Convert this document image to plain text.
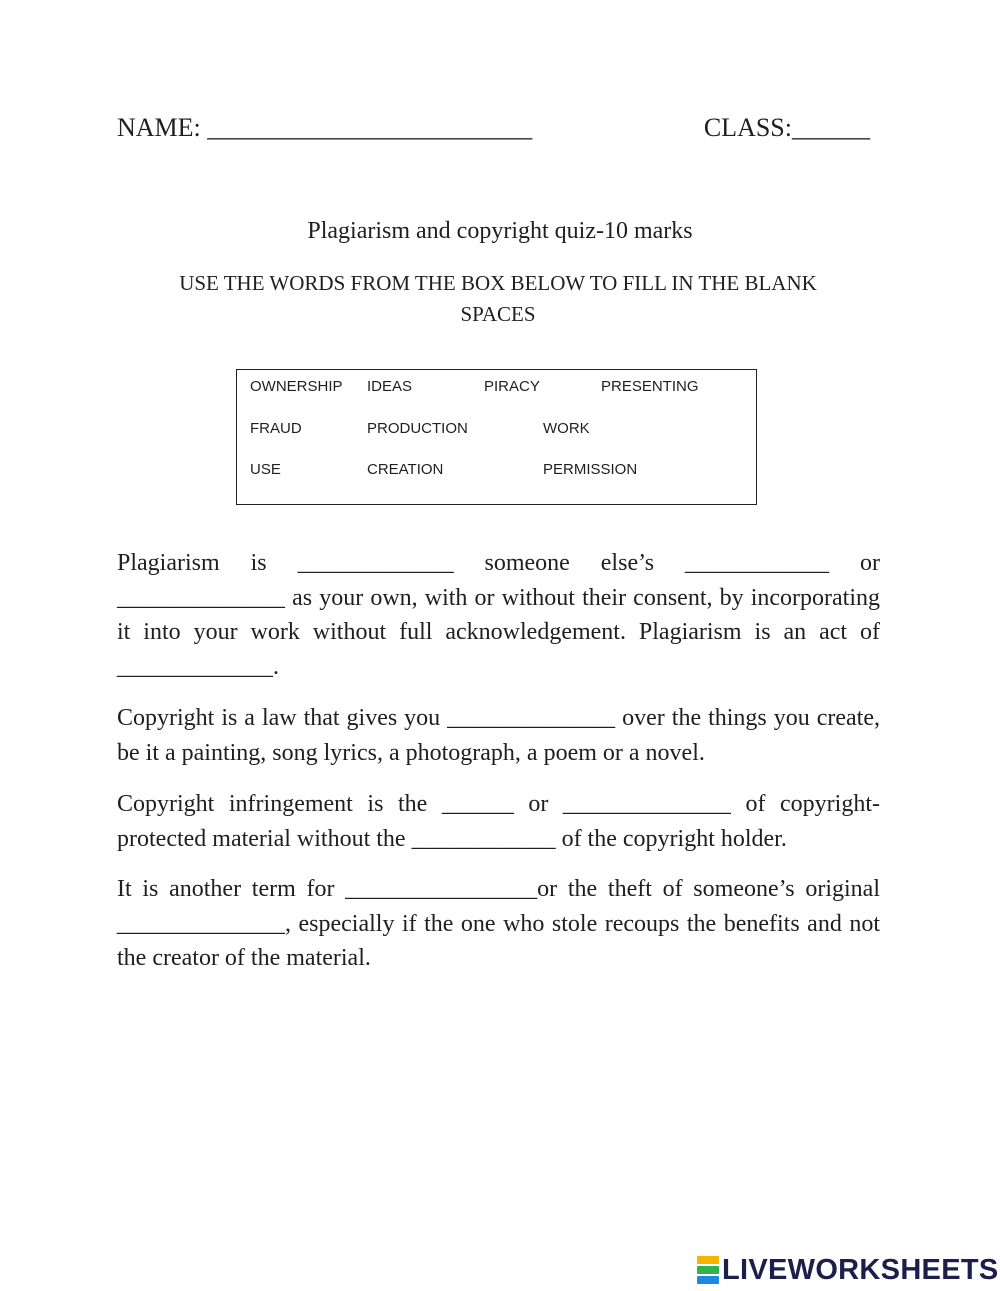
NAME: _________________________	CLASS:______
Plagiarism and copyright quiz-10 marks
USE THE WORDS FROM THE BOX BELOW TO FILL IN THE BLANK SPACES
OWNERSHIP IDEAS	PIRACY	PRESENTING
FRAUD	PRODUCTION	WORK
USE	CREATION	PERMISSION

Plagiarism is _____________ someone else’s ____________ or ______________ as your own, with or without their consent, by incorporating it into your work without full acknowledgement. Plagiarism is an act of _____________.

Copyright is a law that gives you ______________ over the things you create, be it a painting, song lyrics, a photograph, a poem or a novel.

Copyright infringement is the ______ or ______________ of copyright-protected material without the ____________ of the copyright holder.

It is another term for ________________or the theft of someone’s original ______________, especially if the one who stole recoups the benefits and not the creator of the material.

LIVEWORKSHEETS
